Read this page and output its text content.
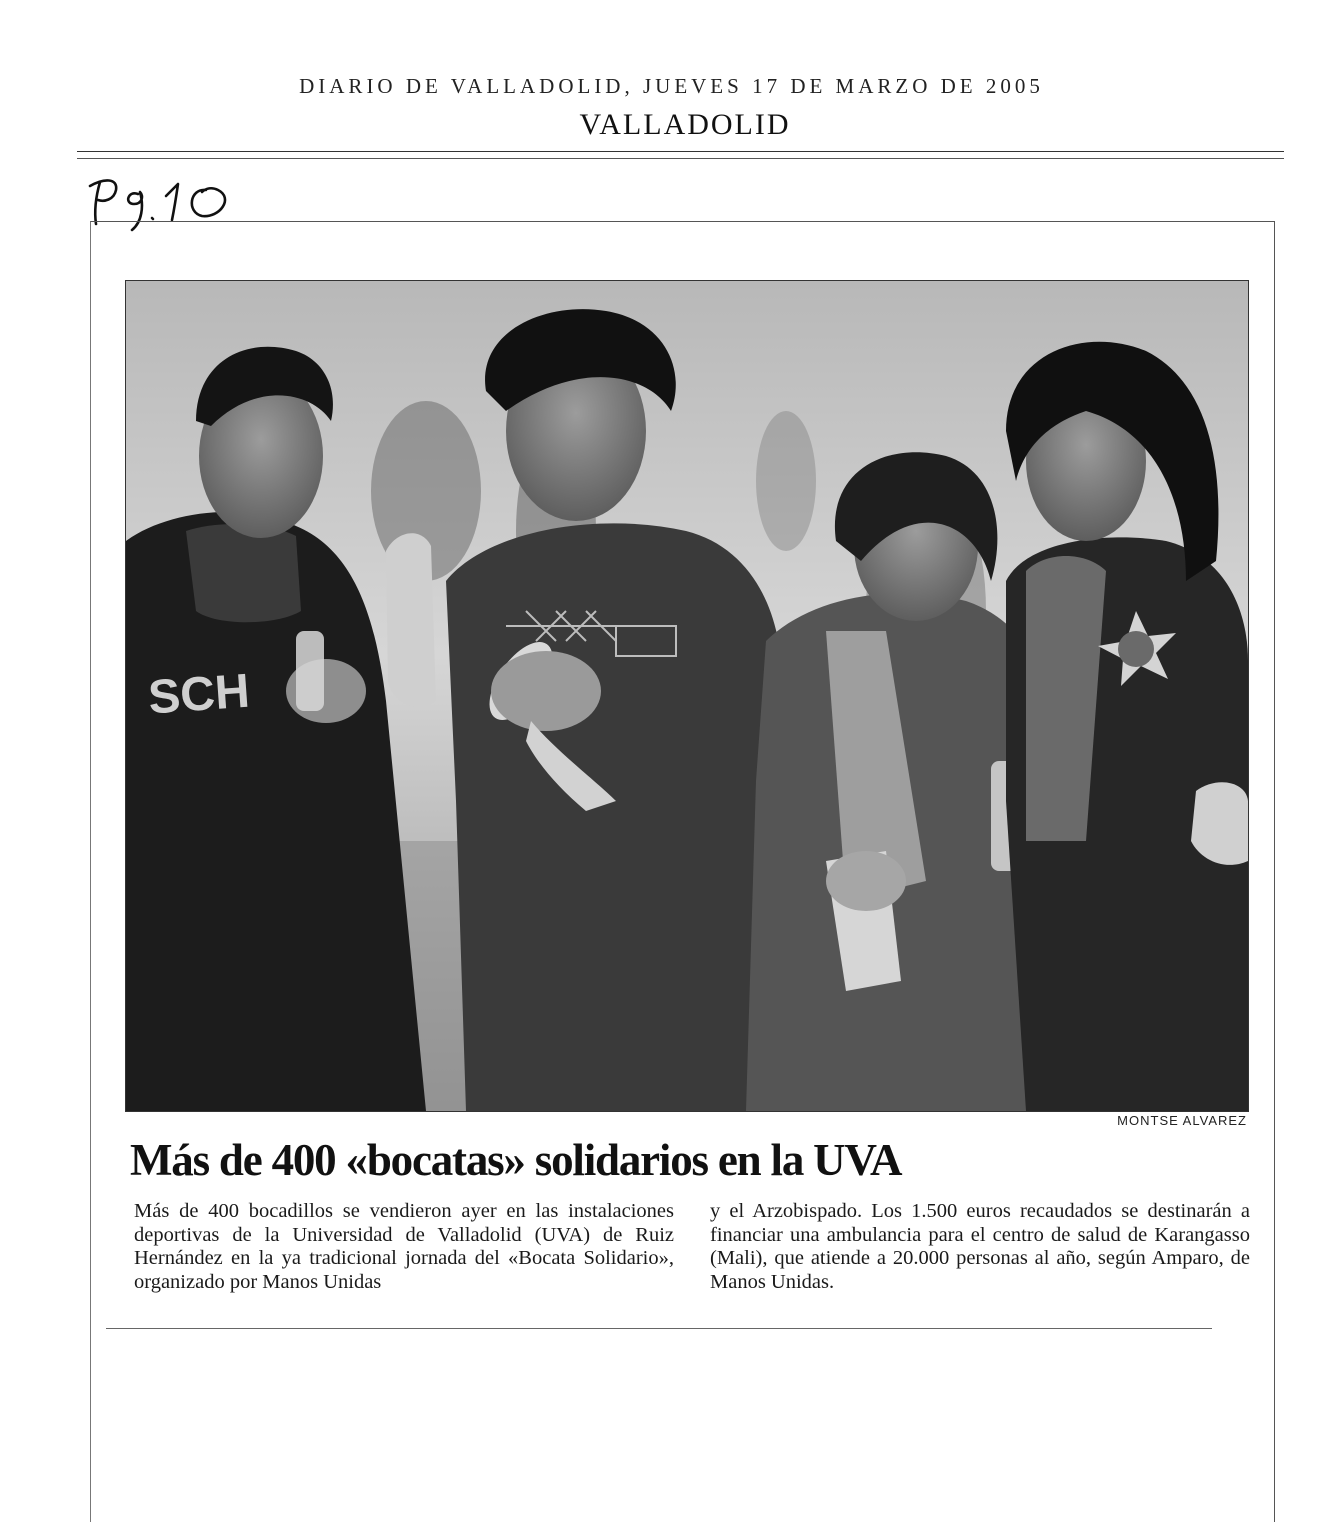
DIARIO DE VALLADOLID, JUEVES 17 DE MARZO DE 2005
VALLADOLID
SCH
MONTSE ALVAREZ
Más de 400 «bocatas» solidarios en la UVA
Más de 400 bocadillos se vendieron ayer en las instalaciones deportivas de la Universidad de Valladolid (UVA) de Ruiz Hernández en la ya tradicional jornada del «Bocata Solidario», organizado por Manos Unidas
y el Arzobispado. Los 1.500 euros recaudados se destinarán a financiar una ambulancia para el centro de salud de Karangasso (Mali), que atiende a 20.000 personas al año, según Amparo, de Manos Unidas.
